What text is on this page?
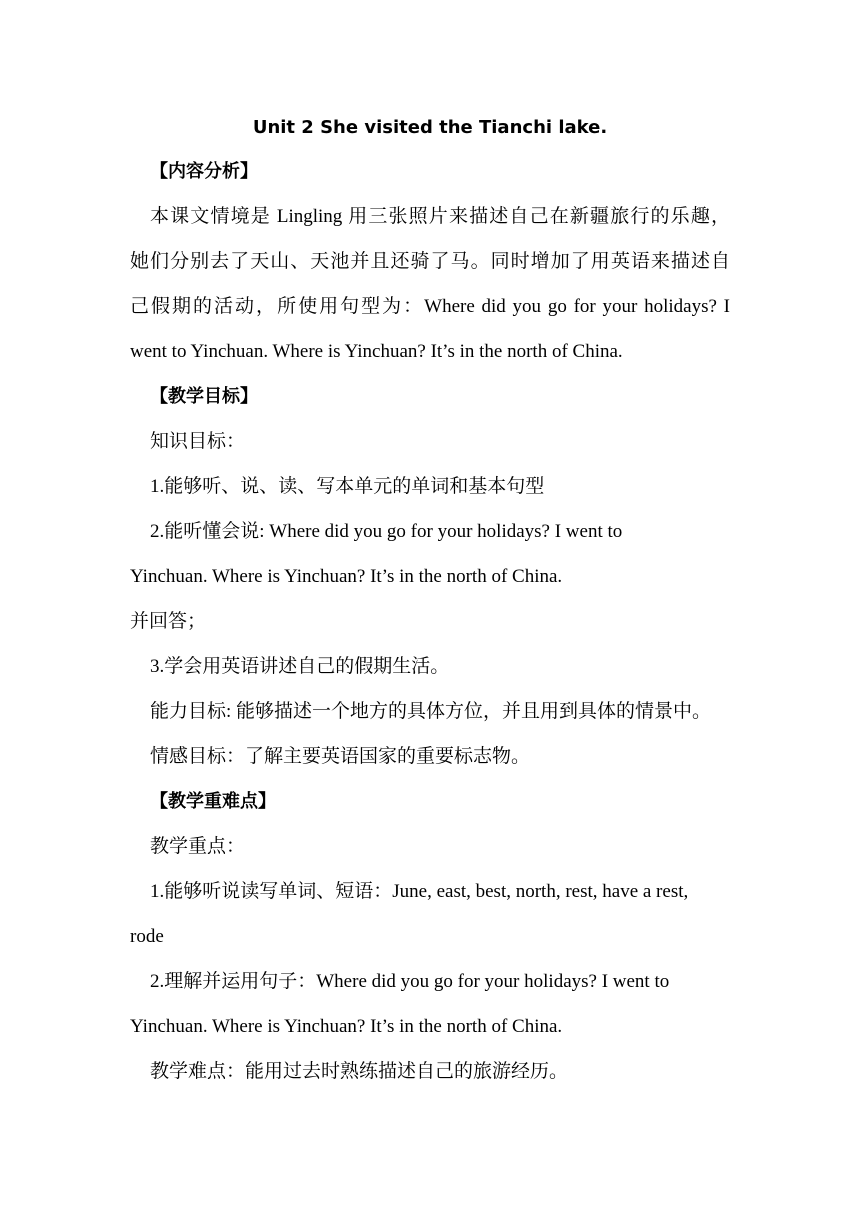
Unit 2 She visited the Tianchi lake.
【内容分析】
本课文情境是 Lingling 用三张照片来描述自己在新疆旅行的乐趣，
她们分别去了天山、天池并且还骑了马。同时增加了用英语来描述自
己假期的活动，所使用句型为：Where did you go for your holidays? I
went to Yinchuan. Where is Yinchuan? It’s in the north of China.
【教学目标】
知识目标：
1.能够听、说、读、写本单元的单词和基本句型
2.能听懂会说: Where did you go for your holidays? I went to
Yinchuan. Where is Yinchuan? It’s in the north of China.
并回答；
3.学会用英语讲述自己的假期生活。
能力目标: 能够描述一个地方的具体方位，并且用到具体的情景中。
情感目标：了解主要英语国家的重要标志物。
【教学重难点】
教学重点：
1.能够听说读写单词、短语：June, east, best, north, rest, have a rest,
rode
2.理解并运用句子：Where did you go for your holidays? I went to
Yinchuan. Where is Yinchuan? It’s in the north of China.
教学难点：能用过去时熟练描述自己的旅游经历。
